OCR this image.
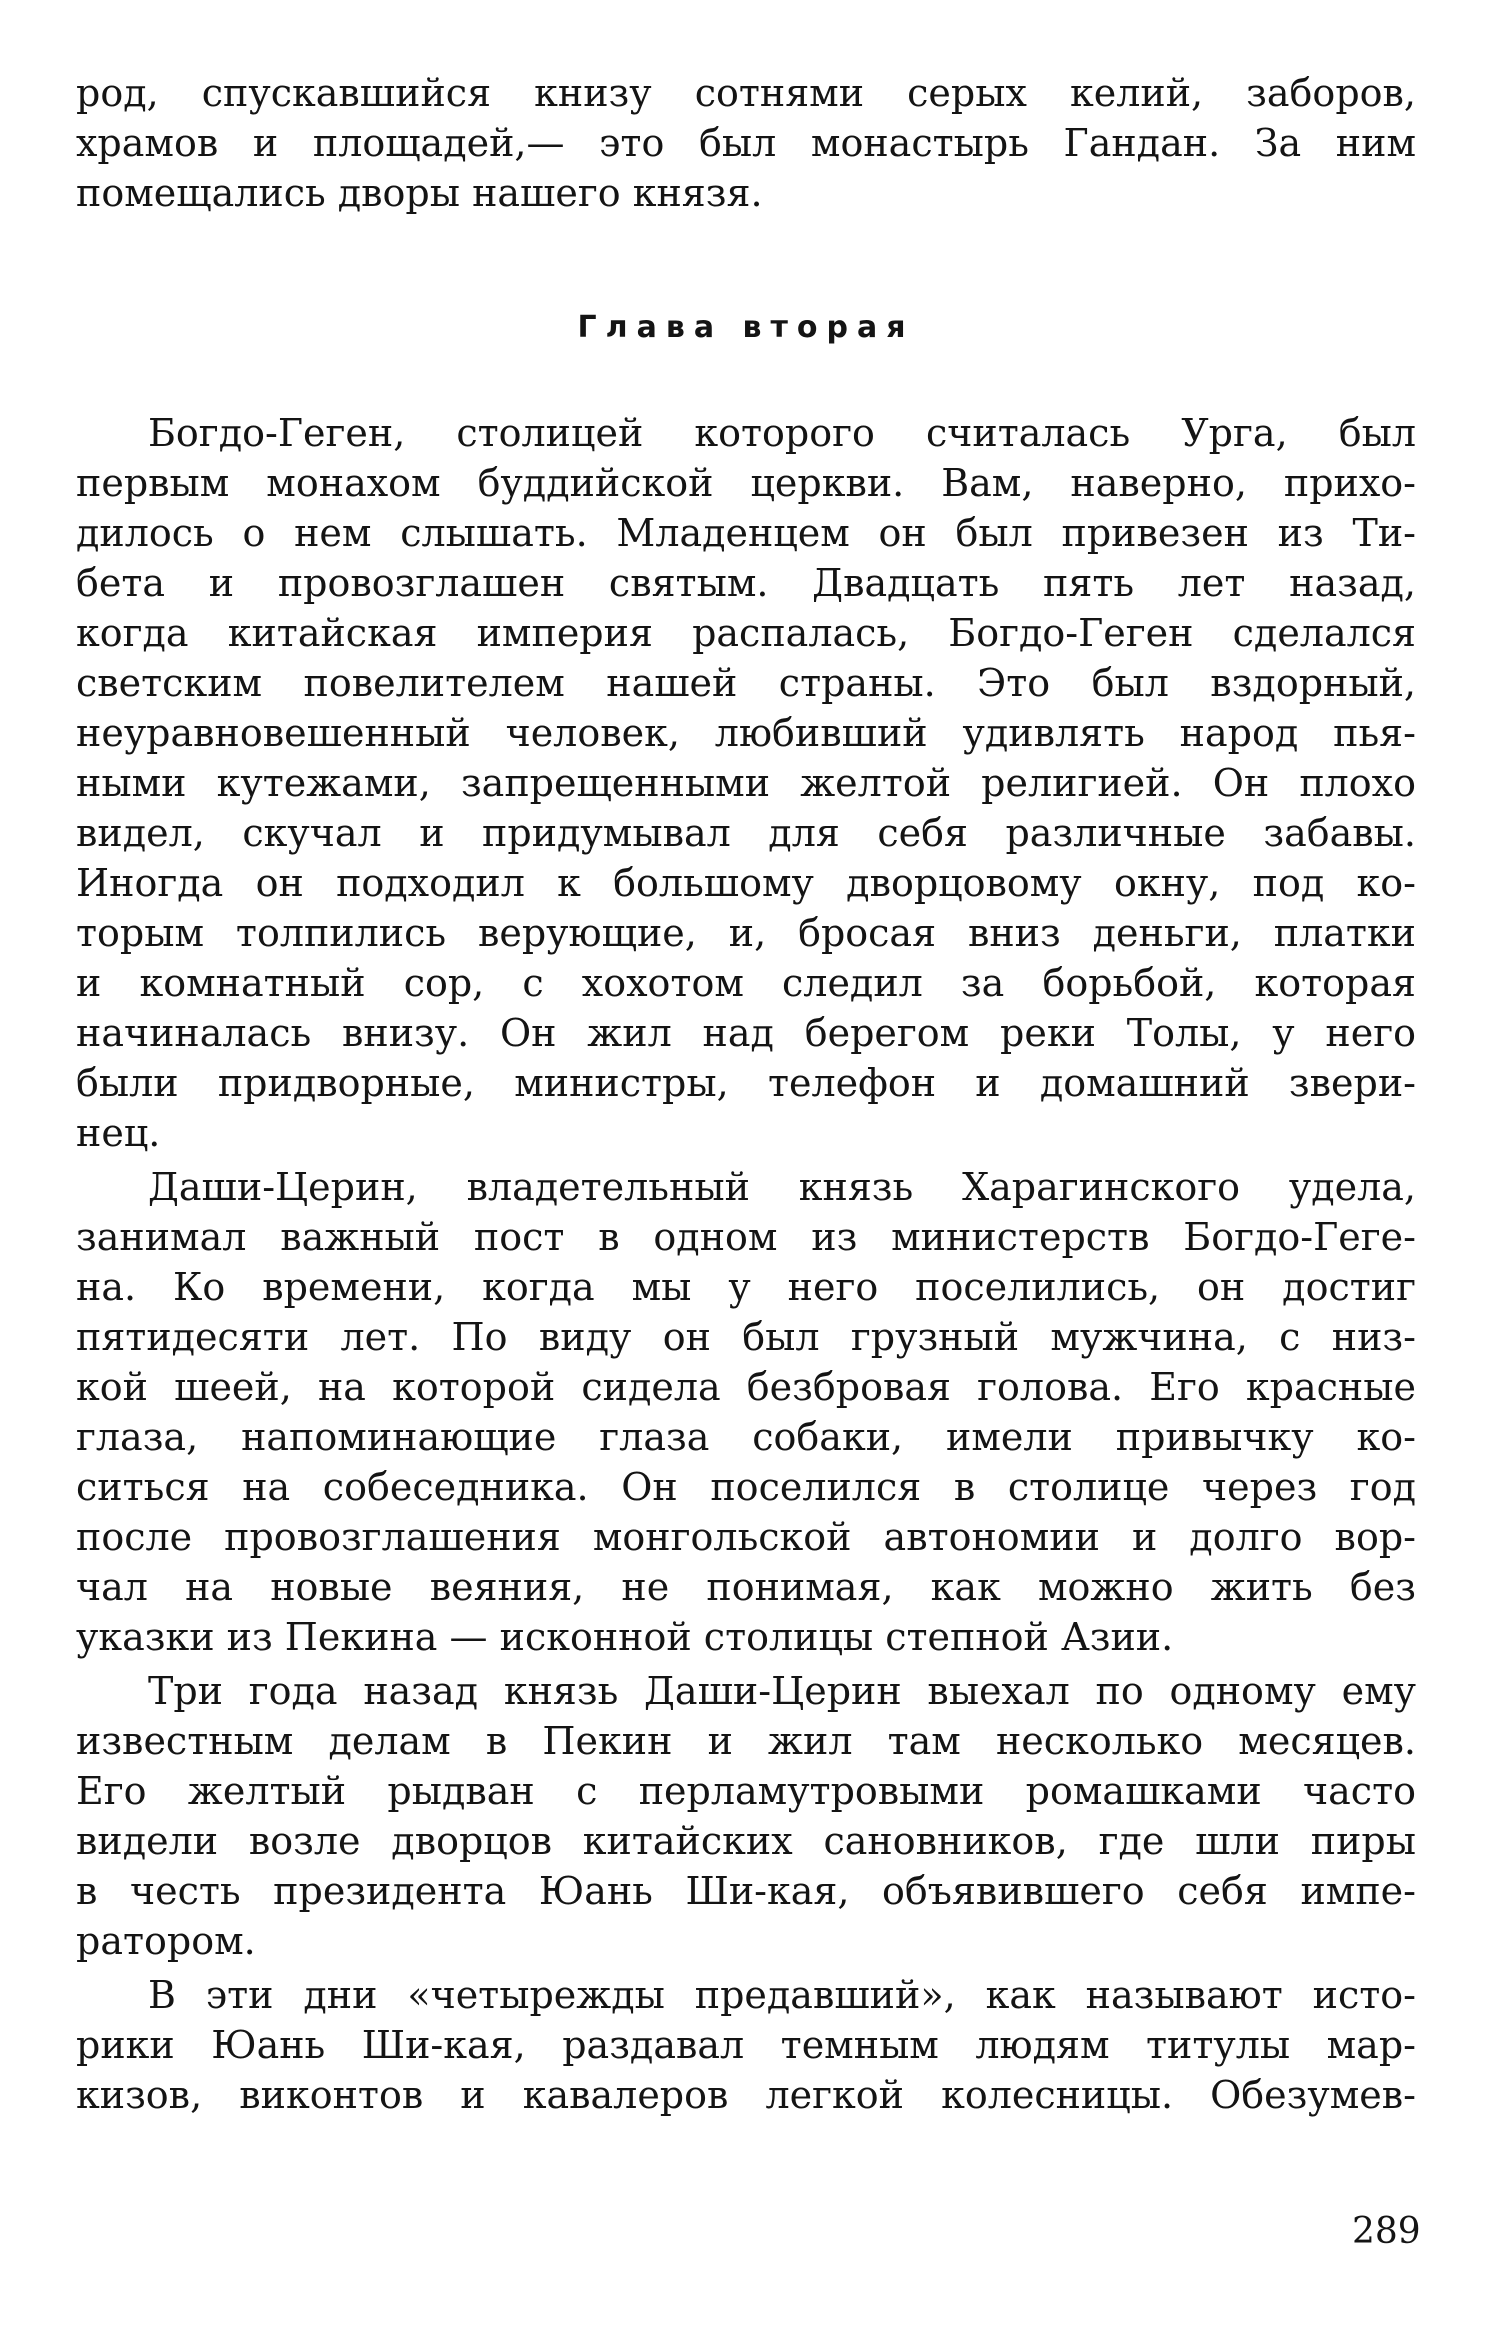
род, спускавшийся книзу сотнями серых келий, заборов,
храмов и площадей,— это был монастырь Гандан. За ним
помещались дворы нашего князя.
Глава вторая
Богдо-Геген, столицей которого считалась Урга, был
первым монахом буддийской церкви. Вам, наверно, прихо-
дилось о нем слышать. Младенцем он был привезен из Ти-
бета и провозглашен святым. Двадцать пять лет назад,
когда китайская империя распалась, Богдо-Геген сделался
светским повелителем нашей страны. Это был вздорный,
неуравновешенный человек, любивший удивлять народ пья-
ными кутежами, запрещенными желтой религией. Он плохо
видел, скучал и придумывал для себя различные забавы.
Иногда он подходил к большому дворцовому окну, под ко-
торым толпились верующие, и, бросая вниз деньги, платки
и комнатный сор, с хохотом следил за борьбой, которая
начиналась внизу. Он жил над берегом реки Толы, у него
были придворные, министры, телефон и домашний звери-
нец.
Даши-Церин, владетельный князь Харагинского удела,
занимал важный пост в одном из министерств Богдо-Геге-
на. Ко времени, когда мы у него поселились, он достиг
пятидесяти лет. По виду он был грузный мужчина, с низ-
кой шеей, на которой сидела безбровая голова. Его красные
глаза, напоминающие глаза собаки, имели привычку ко-
ситься на собеседника. Он поселился в столице через год
после провозглашения монгольской автономии и долго вор-
чал на новые веяния, не понимая, как можно жить без
указки из Пекина — исконной столицы степной Азии.
Три года назад князь Даши-Церин выехал по одному ему
известным делам в Пекин и жил там несколько месяцев.
Его желтый рыдван с перламутровыми ромашками часто
видели возле дворцов китайских сановников, где шли пиры
в честь президента Юань Ши-кая, объявившего себя импе-
ратором.
В эти дни «четырежды предавший», как называют исто-
рики Юань Ши-кая, раздавал темным людям титулы мар-
кизов, виконтов и кавалеров легкой колесницы. Обезумев-
289
